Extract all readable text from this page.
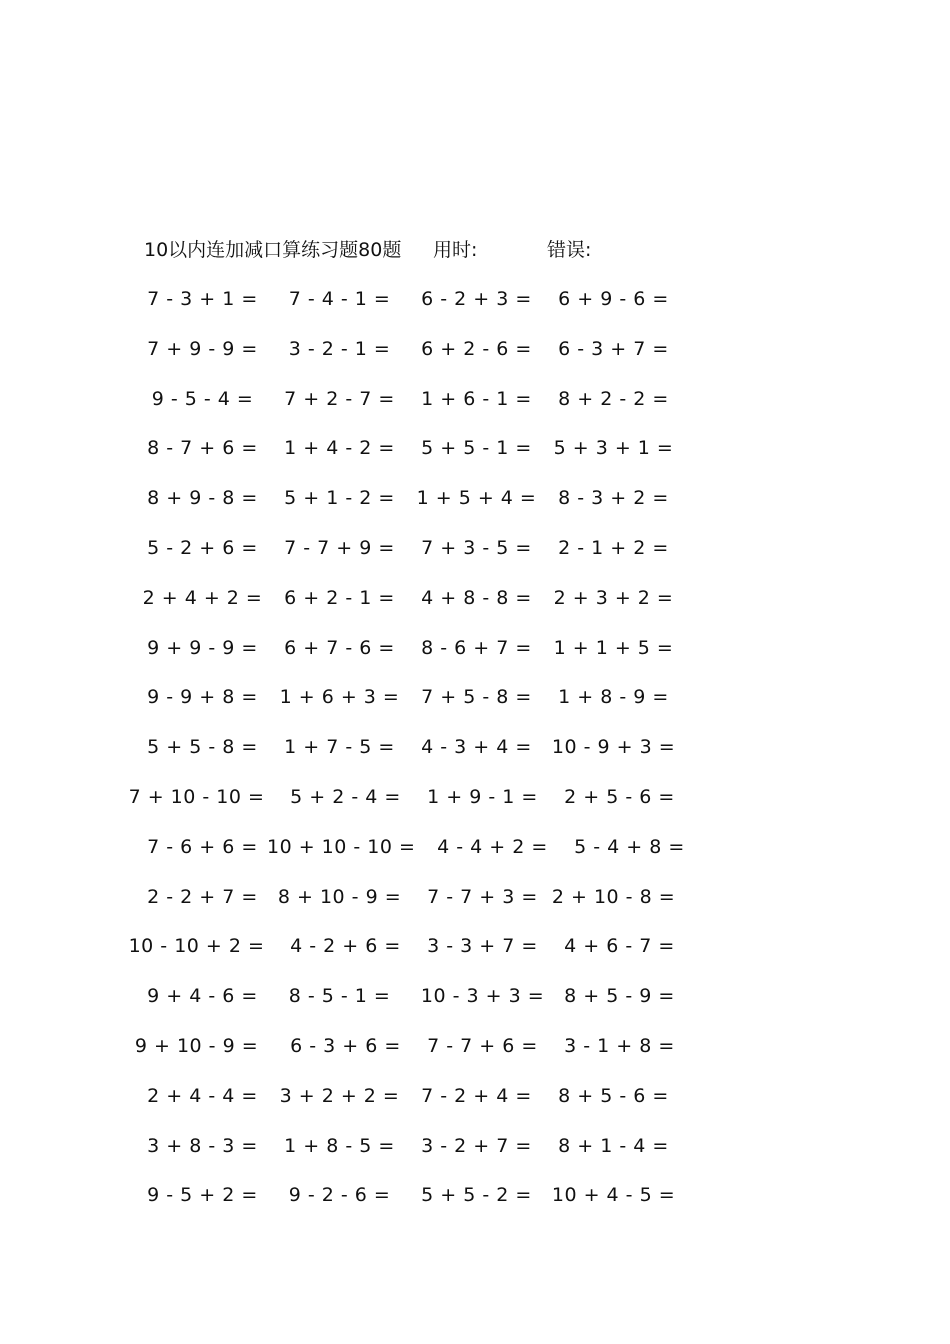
10以内连加减口算练习题80题 用时:	错误:
7 - 3 + 1 =	7 - 4 - 1 =	6 - 2 + 3 =	6 + 9 - 6 =
7 + 9 - 9 =	3 - 2 - 1 =	6 + 2 - 6 =	6 - 3 + 7 =
9 - 5 - 4 =	7 + 2 - 7 =	1 + 6 - 1 =	8 + 2 - 2 =
8 - 7 + 6 =	1 + 4 - 2 =	5 + 5 - 1 =	5 + 3 + 1 =
8 + 9 - 8 =	5 + 1 - 2 =	1 + 5 + 4 =	8 - 3 + 2 =
5 - 2 + 6 =	7 - 7 + 9 =	7 + 3 - 5 =	2 - 1 + 2 =
2 + 4 + 2 =	6 + 2 - 1 =	4 + 8 - 8 =	2 + 3 + 2 =
9 + 9 - 9 =	6 + 7 - 6 =	8 - 6 + 7 =	1 + 1 + 5 =
9 - 9 + 8 =	1 + 6 + 3 =	7 + 5 - 8 =	1 + 8 - 9 =
5 + 5 - 8 =	1 + 7 - 5 =	4 - 3 + 4 =	10 - 9 + 3 =
7 + 10 - 10 =	5 + 2 - 4 =	1 + 9 - 1 =	2 + 5 - 6 =
7 - 6 + 6 = 10 + 10 - 10 =	4 - 4 + 2 =	5 - 4 + 8 =
2 - 2 + 7 =	8 + 10 - 9 =	7 - 7 + 3 = 2 + 10 - 8 =
10 - 10 + 2 =	4 - 2 + 6 =	3 - 3 + 7 =	4 + 6 - 7 =
9 + 4 - 6 =	8 - 5 - 1 =	10 - 3 + 3 =	8 + 5 - 9 =
9 + 10 - 9 =	6 - 3 + 6 =	7 - 7 + 6 =	3 - 1 + 8 =
2 + 4 - 4 =	3 + 2 + 2 =	7 - 2 + 4 =	8 + 5 - 6 =
3 + 8 - 3 =	1 + 8 - 5 =	3 - 2 + 7 =	8 + 1 - 4 =
9 - 5 + 2 =	9 - 2 - 6 =	5 + 5 - 2 =	10 + 4 - 5 =
